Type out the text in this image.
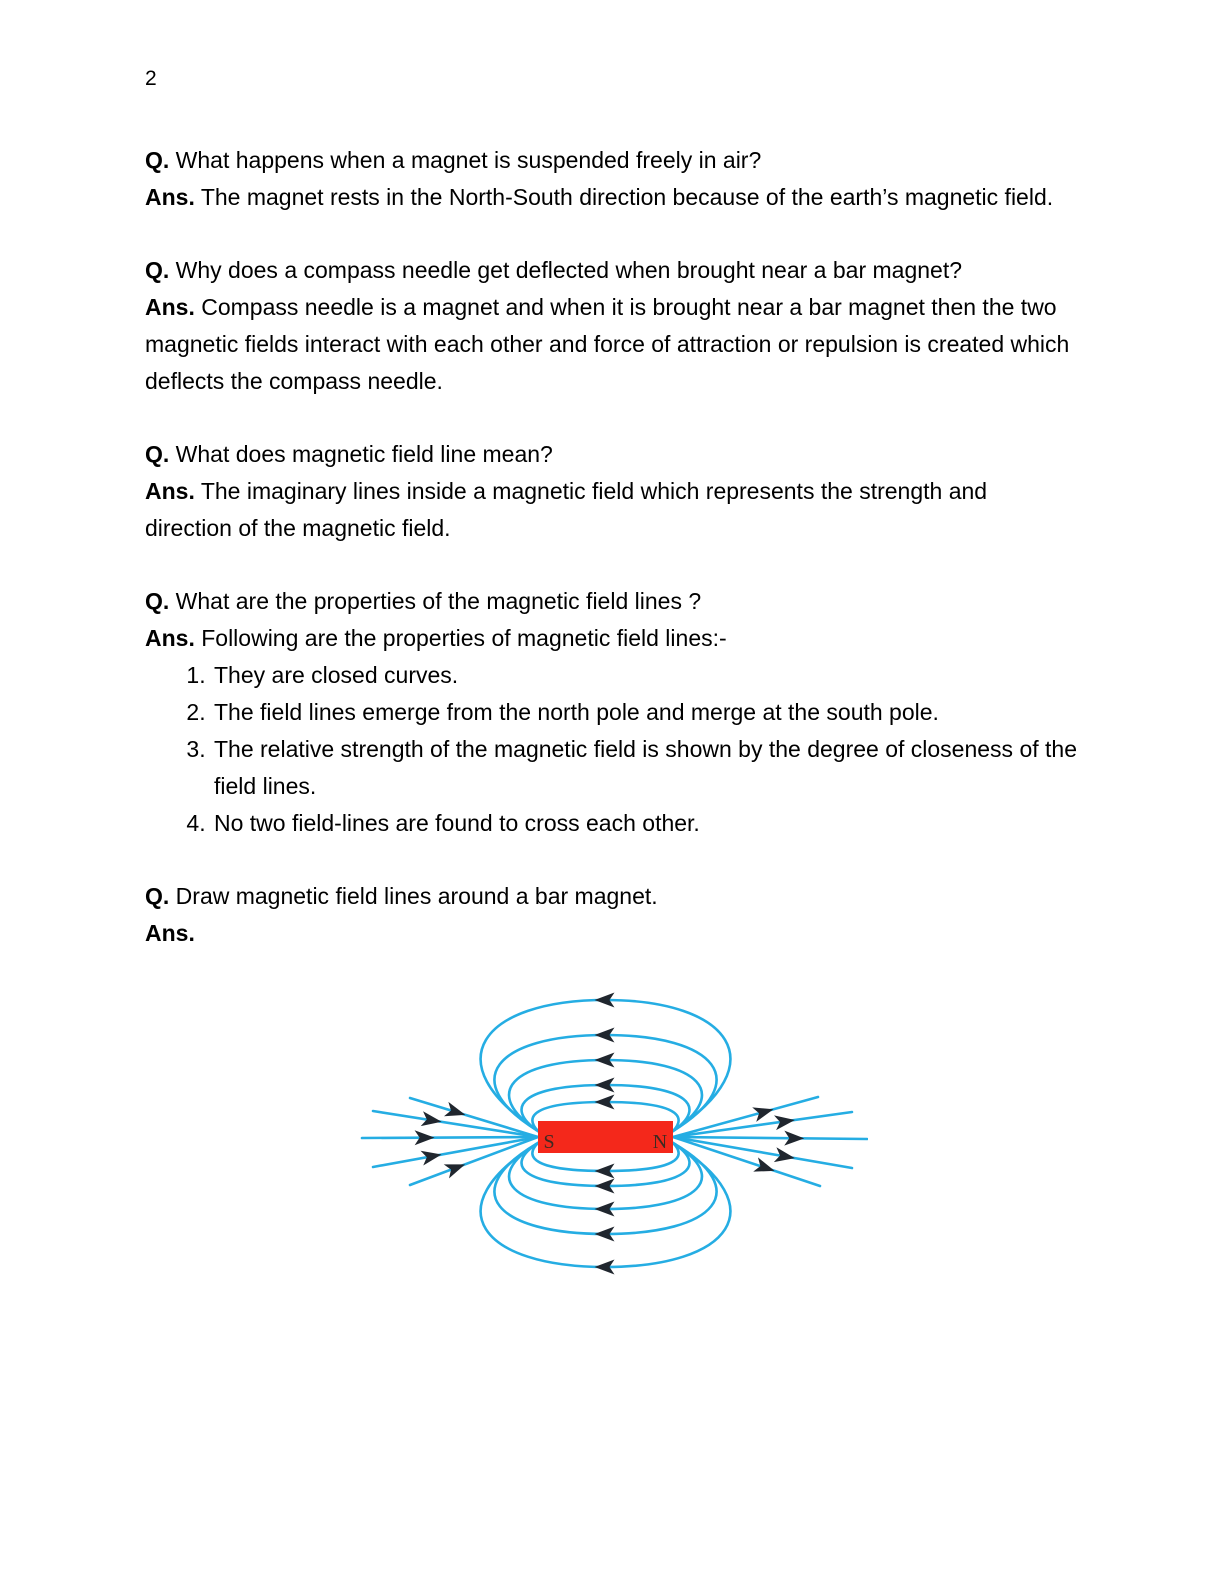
2

Q. What happens when a magnet is suspended freely in air?

Ans. The magnet rests in the North-South direction because of the earth’s magnetic field.

Q. Why does a compass needle get deflected when brought near a bar magnet?

Ans. Compass needle is a magnet and when it is brought near a bar magnet then the two magnetic fields interact with each other and force of attraction or repulsion is created which deflects the compass needle.

Q. What does magnetic field line mean?

Ans. The imaginary lines inside a magnetic field which represents the strength and direction of the magnetic field.

Q. What are the properties of the magnetic field lines ?

Ans. Following are the properties of magnetic field lines:-

1. They are closed curves.
2. The field lines emerge from the north pole and merge at the south pole.
3. The relative strength of the magnetic field is shown by the degree of closeness of the field lines.
4. No two field-lines are found to cross each other.

Q. Draw magnetic field lines around a bar magnet.

Ans.

S	N
